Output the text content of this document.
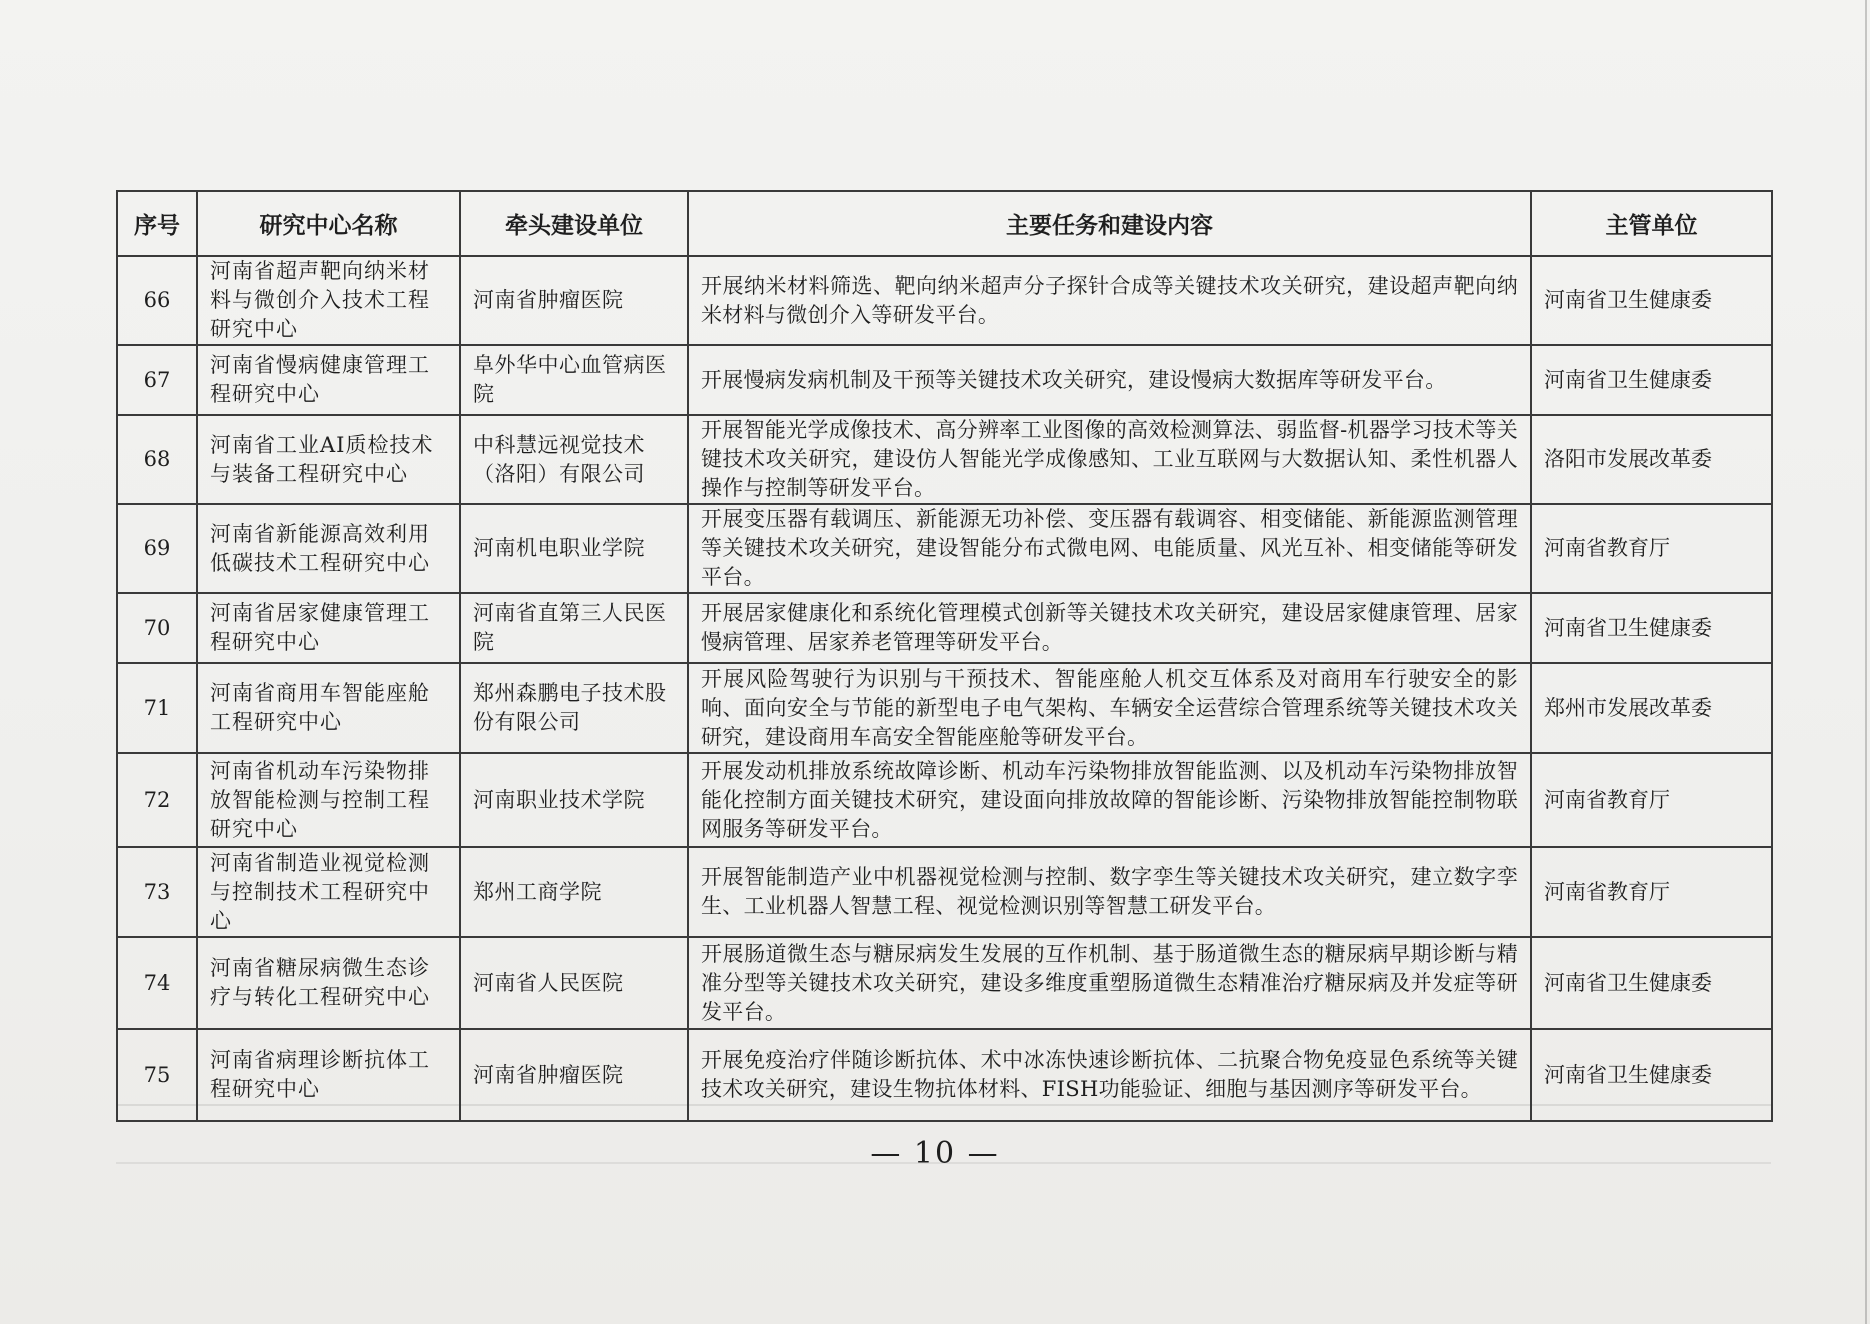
序号	研究中心名称	牵头建设单位	主要任务和建设内容	主管单位
66	河南省超声靶向纳米材料与微创介入技术工程研究中心	河南省肿瘤医院	开展纳米材料筛选、靶向纳米超声分子探针合成等关键技术攻关研究，建设超声靶向纳米材料与微创介入等研发平台。	河南省卫生健康委
67	河南省慢病健康管理工程研究中心	阜外华中心血管病医院	开展慢病发病机制及干预等关键技术攻关研究，建设慢病大数据库等研发平台。	河南省卫生健康委
68	河南省工业AI质检技术与装备工程研究中心	中科慧远视觉技术（洛阳）有限公司	开展智能光学成像技术、高分辨率工业图像的高效检测算法、弱监督-机器学习技术等关键技术攻关研究，建设仿人智能光学成像感知、工业互联网与大数据认知、柔性机器人操作与控制等研发平台。	洛阳市发展改革委
69	河南省新能源高效利用低碳技术工程研究中心	河南机电职业学院	开展变压器有载调压、新能源无功补偿、变压器有载调容、相变储能、新能源监测管理等关键技术攻关研究，建设智能分布式微电网、电能质量、风光互补、相变储能等研发平台。	河南省教育厅
70	河南省居家健康管理工程研究中心	河南省直第三人民医院	开展居家健康化和系统化管理模式创新等关键技术攻关研究，建设居家健康管理、居家慢病管理、居家养老管理等研发平台。	河南省卫生健康委
71	河南省商用车智能座舱工程研究中心	郑州森鹏电子技术股份有限公司	开展风险驾驶行为识别与干预技术、智能座舱人机交互体系及对商用车行驶安全的影响、面向安全与节能的新型电子电气架构、车辆安全运营综合管理系统等关键技术攻关研究，建设商用车高安全智能座舱等研发平台。	郑州市发展改革委
72	河南省机动车污染物排放智能检测与控制工程研究中心	河南职业技术学院	开展发动机排放系统故障诊断、机动车污染物排放智能监测、以及机动车污染物排放智能化控制方面关键技术研究，建设面向排放故障的智能诊断、污染物排放智能控制物联网服务等研发平台。	河南省教育厅
73	河南省制造业视觉检测与控制技术工程研究中心	郑州工商学院	开展智能制造产业中机器视觉检测与控制、数字孪生等关键技术攻关研究，建立数字孪生、工业机器人智慧工程、视觉检测识别等智慧工研发平台。	河南省教育厅
74	河南省糖尿病微生态诊疗与转化工程研究中心	河南省人民医院	开展肠道微生态与糖尿病发生发展的互作机制、基于肠道微生态的糖尿病早期诊断与精准分型等关键技术攻关研究，建设多维度重塑肠道微生态精准治疗糖尿病及并发症等研发平台。	河南省卫生健康委
75	河南省病理诊断抗体工程研究中心	河南省肿瘤医院	开展免疫治疗伴随诊断抗体、术中冰冻快速诊断抗体、二抗聚合物免疫显色系统等关键技术攻关研究，建设生物抗体材料、FISH功能验证、细胞与基因测序等研发平台。	河南省卫生健康委
— 10 —
